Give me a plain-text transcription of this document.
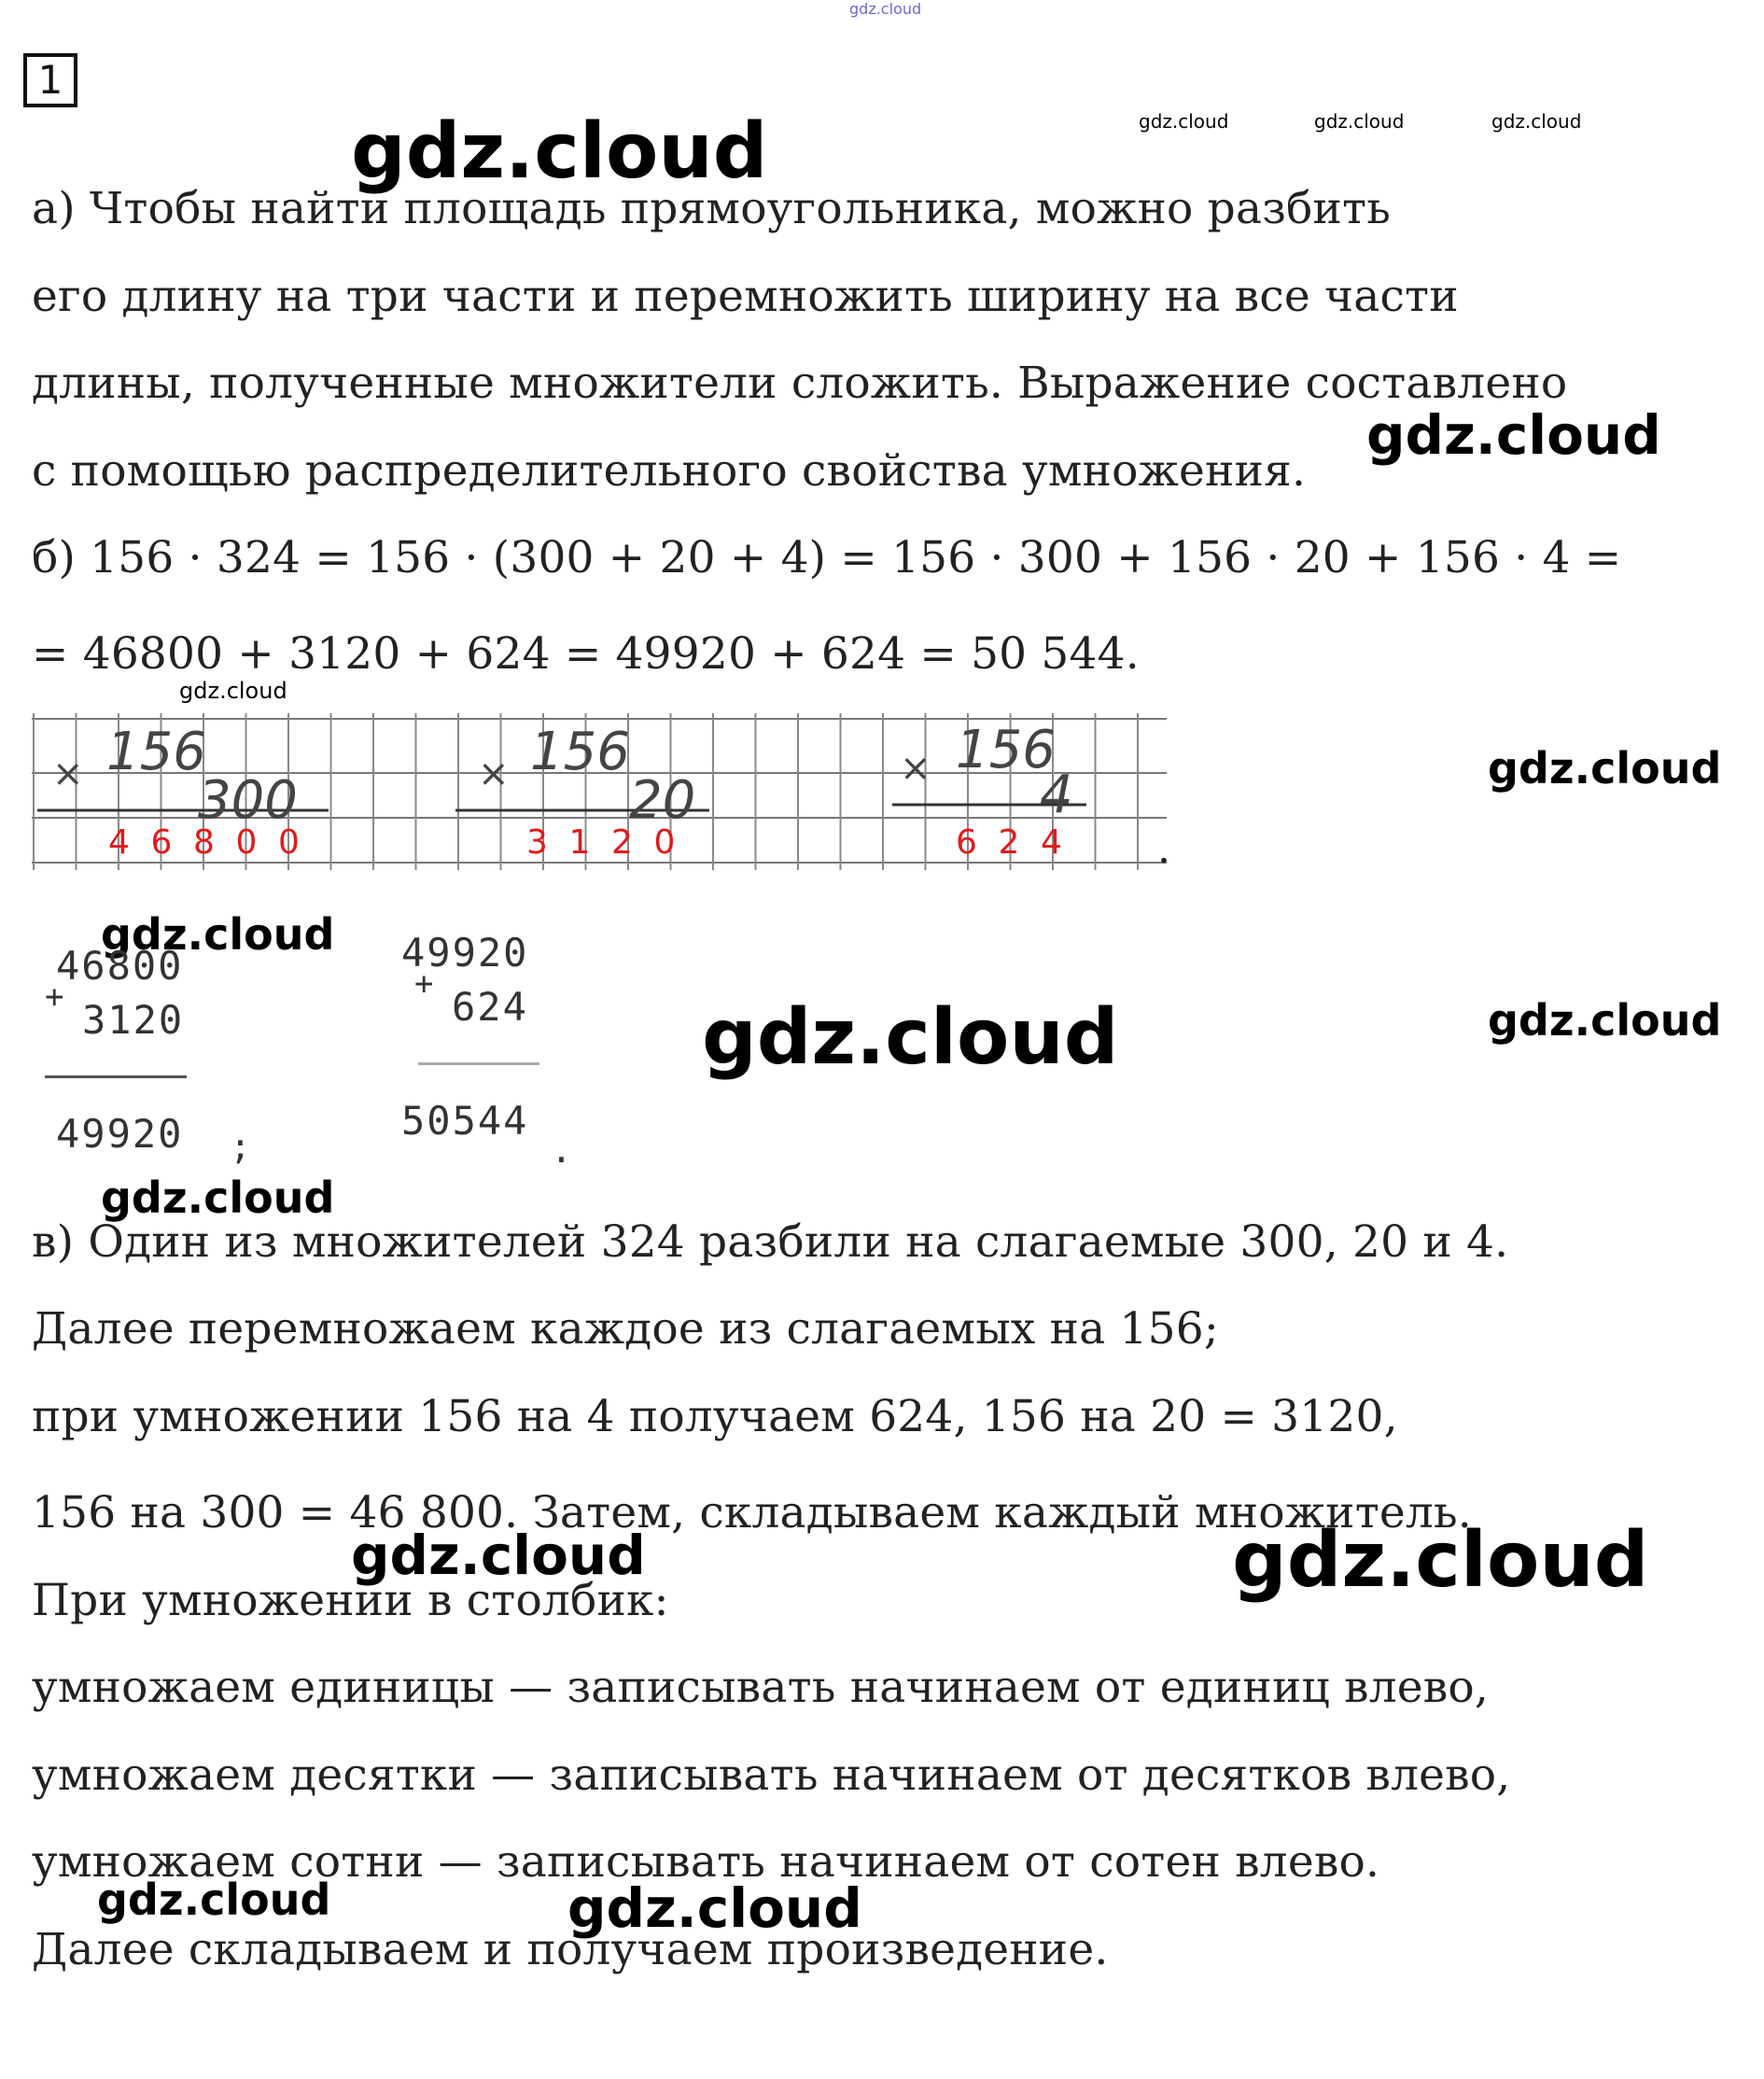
1
gdz.cloud
gdz.cloud	gdz.cloud	gdz.cloud
gdz.cloud
gdz.cloud
gdz.cloud
gdz.cloud
gdz.cloud
gdz.cloud	gdz.cloud
gdz.cloud
gdz.cloud	gdz.cloud
gdz.cloud	gdz.cloud
а) Чтобы найти площадь прямоугольника, можно разбить
его длину на три части и перемножить ширину на все части
длины, полученные множители сложить. Выражение составлено
с помощью распределительного свойства умножения.
б) 156 · 324 = 156 · (300 + 20 + 4) = 156 · 300 + 156 · 20 + 156 · 4 =
= 46800 + 3120 + 624 = 49920 + 624 = 50 544.
× 156
300	× 156
20
× 156
4
4 6 8 0 0	3 1 2 0	6 2 4 .
46800
+ 3120
49920 ;
49920
+ 624
50544
.
в) Один из множителей 324 разбили на слагаемые 300, 20 и 4.
Далее перемножаем каждое из слагаемых на 156;
при умножении 156 на 4 получаем 624, 156 на 20 = 3120,
156 на 300 = 46 800. Затем, складываем каждый множитель.
При умножении в столбик:
умножаем единицы — записывать начинаем от единиц влево,
умножаем десятки — записывать начинаем от десятков влево,
умножаем сотни — записывать начинаем от сотен влево.
Далее складываем и получаем произведение.
